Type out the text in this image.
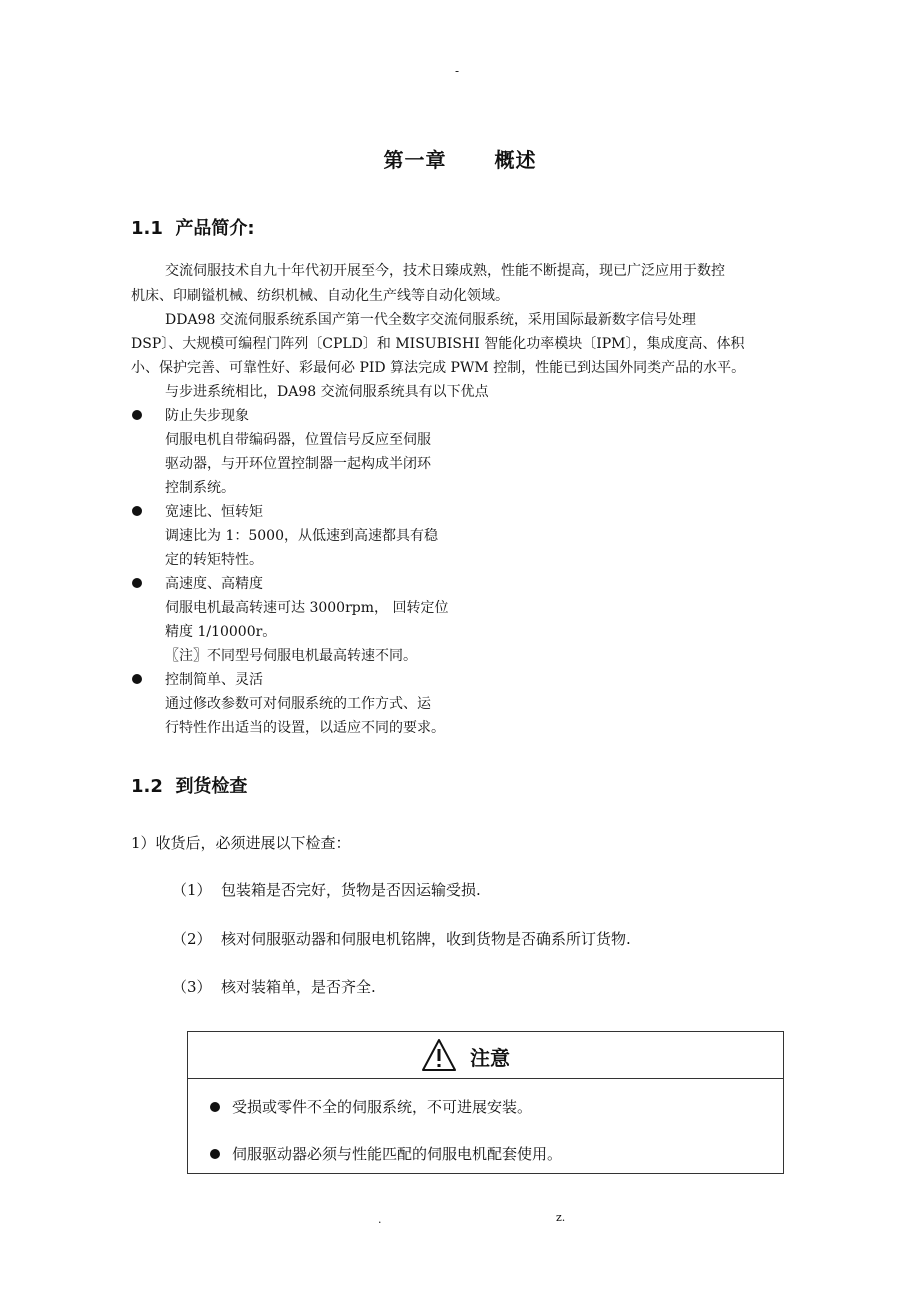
-
第一章 概述
1.1 产品简介:
交流伺服技术自九十年代初开展至今，技术日臻成熟，性能不断提高，现已广泛应用于数控
机床、印刷镒机械、纺织机械、自动化生产线等自动化领域。
DDA98 交流伺服系统系国产第一代全数字交流伺服系统，采用国际最新数字信号处理
DSP〕、大规模可编程门阵列〔CPLD〕和 MISUBISHI 智能化功率模块〔IPM〕，集成度高、体积
小、保护完善、可靠性好、彩最何必 PID 算法完成 PWM 控制，性能已到达国外同类产品的水平。
与步进系统相比，DA98 交流伺服系统具有以下优点
防止失步现象
伺服电机自带编码器，位置信号反应至伺服
驱动器，与开环位置控制器一起构成半闭环
控制系统。
宽速比、恒转矩
调速比为 1：5000，从低速到高速都具有稳
定的转矩特性。
高速度、高精度
伺服电机最高转速可达 3000rpm， 回转定位
精度 1/10000r。
〖注〗不同型号伺服电机最高转速不同。
控制简单、灵活
通过修改参数可对伺服系统的工作方式、运
行特性作出适当的设置，以适应不同的要求。
1.2 到货检查
1）收货后，必须进展以下检查：
（1） 包装箱是否完好，货物是否因运输受损.
（2） 核对伺服驱动器和伺服电机铭牌，收到货物是否确系所订货物.
（3） 核对装箱单，是否齐全.
注意
受损或零件不全的伺服系统，不可进展安装。
伺服驱动器必须与性能匹配的伺服电机配套使用。
.	z.
